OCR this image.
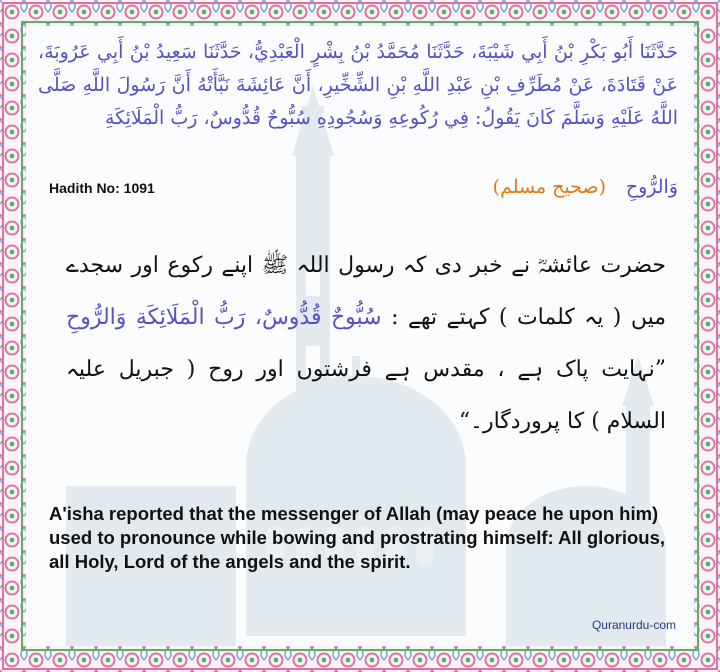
حَدَّثَنَا أَبُو بَكْرِ بْنُ أَبِي شَيْبَةَ، حَدَّثَنَا مُحَمَّدُ بْنُ بِشْرٍ الْعَبْدِيُّ، حَدَّثَنَا سَعِيدُ بْنُ أَبِي عَرُوبَةَ، عَنْ قَتَادَةَ، عَنْ مُطَرِّفِ بْنِ عَبْدِ اللَّهِ بْنِ الشِّخِّيرِ، أَنَّ عَائِشَةَ نَبَّأَتْهُ أَنَّ رَسُولَ اللَّهِ صَلَّى اللَّهُ عَلَيْهِ وَسَلَّمَ كَانَ يَقُولُ: فِي رُكُوعِهِ وَسُجُودِهِ سُبُّوحٌ قُدُّوسٌ، رَبُّ الْمَلَائِكَةِ
وَالرُّوحِ
(صحیح مسلم)
Hadith No: 1091
حضرت عائشہؓ نے خبر دی کہ رسول اللہ ﷺ اپنے رکوع اور سجدے میں ( یہ کلمات ) کہتے تھے : سُبُّوحٌ قُدُّوسٌ، رَبُّ الْمَلَائِكَةِ وَالرُّوحِ ”نہایت پاک ہے ، مقدس ہے فرشتوں اور روح ( جبریل علیہ السلام ) کا پروردگار۔“
A'isha reported that the messenger of Allah (may peace he upon him) used to pronounce while bowing and prostrating himself: All glorious, all Holy, Lord of the angels and the spirit.
Quranurdu-com
